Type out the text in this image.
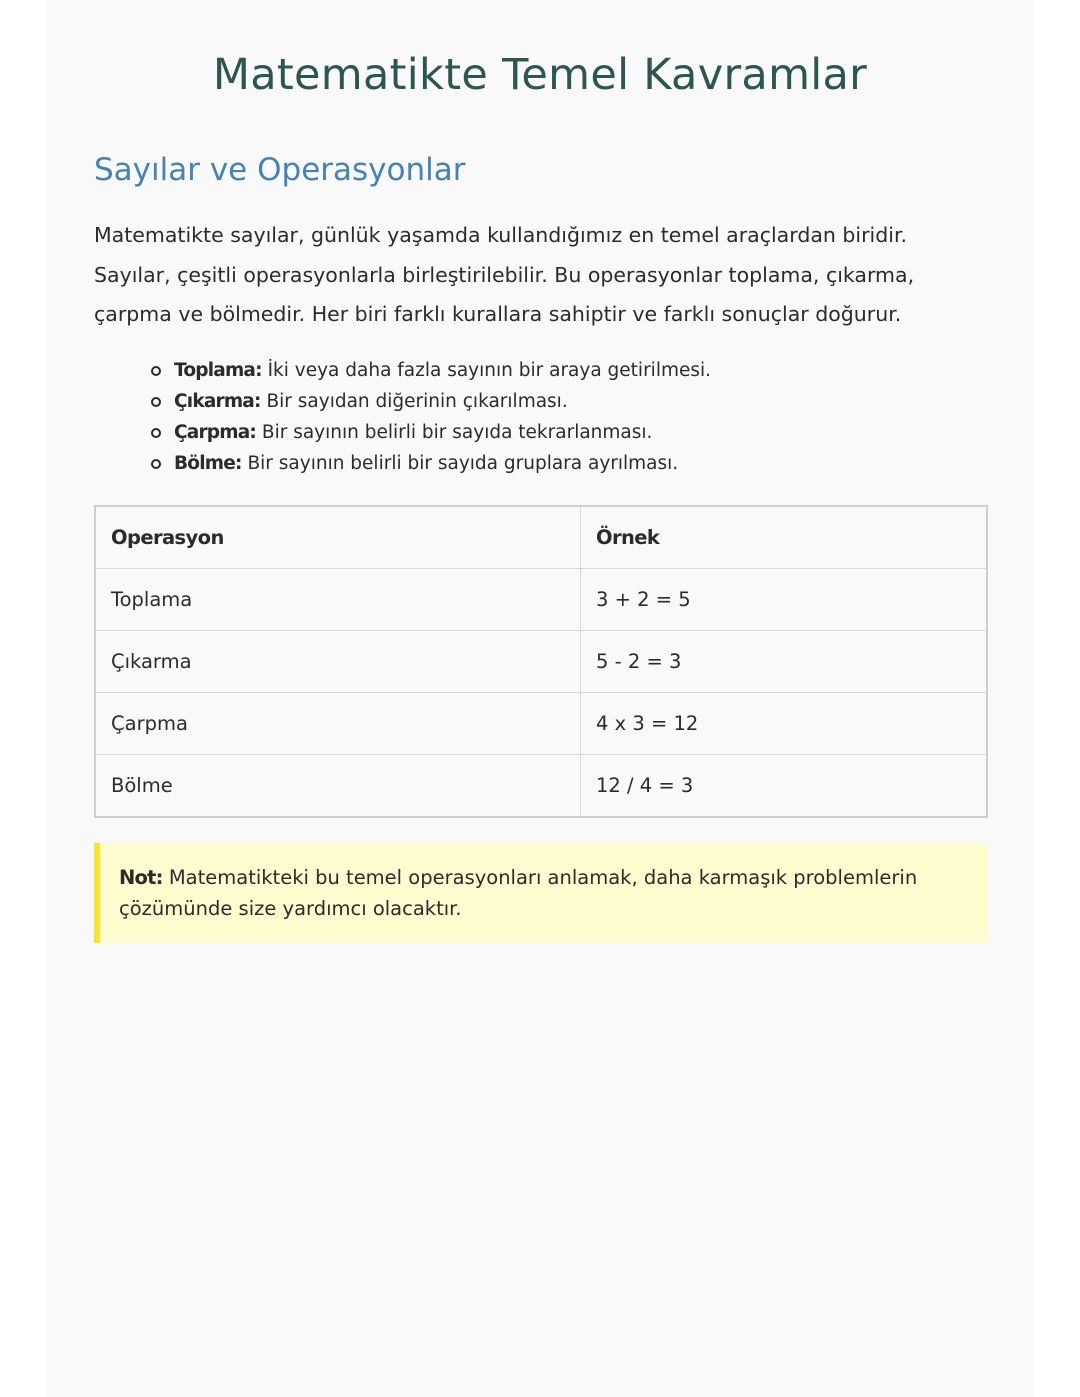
Matematikte Temel Kavramlar
Sayılar ve Operasyonlar

Matematikte sayılar, günlük yaşamda kullandığımız en temel araçlardan biridir. Sayılar, çeşitli operasyonlarla birleştirilebilir. Bu operasyonlar toplama, çıkarma, çarpma ve bölmedir. Her biri farklı kurallara sahiptir ve farklı sonuçlar doğurur.

Toplama: İki veya daha fazla sayının bir araya getirilmesi.
Çıkarma: Bir sayıdan diğerinin çıkarılması.
Çarpma: Bir sayının belirli bir sayıda tekrarlanması.
Bölme: Bir sayının belirli bir sayıda gruplara ayrılması.
Operasyon	Örnek
Toplama	3 + 2 = 5
Çıkarma	5 - 2 = 3
Çarpma	4 x 3 = 12
Bölme	12 / 4 = 3
Not: Matematikteki bu temel operasyonları anlamak, daha karmaşık problemlerin çözümünde size yardımcı olacaktır.
